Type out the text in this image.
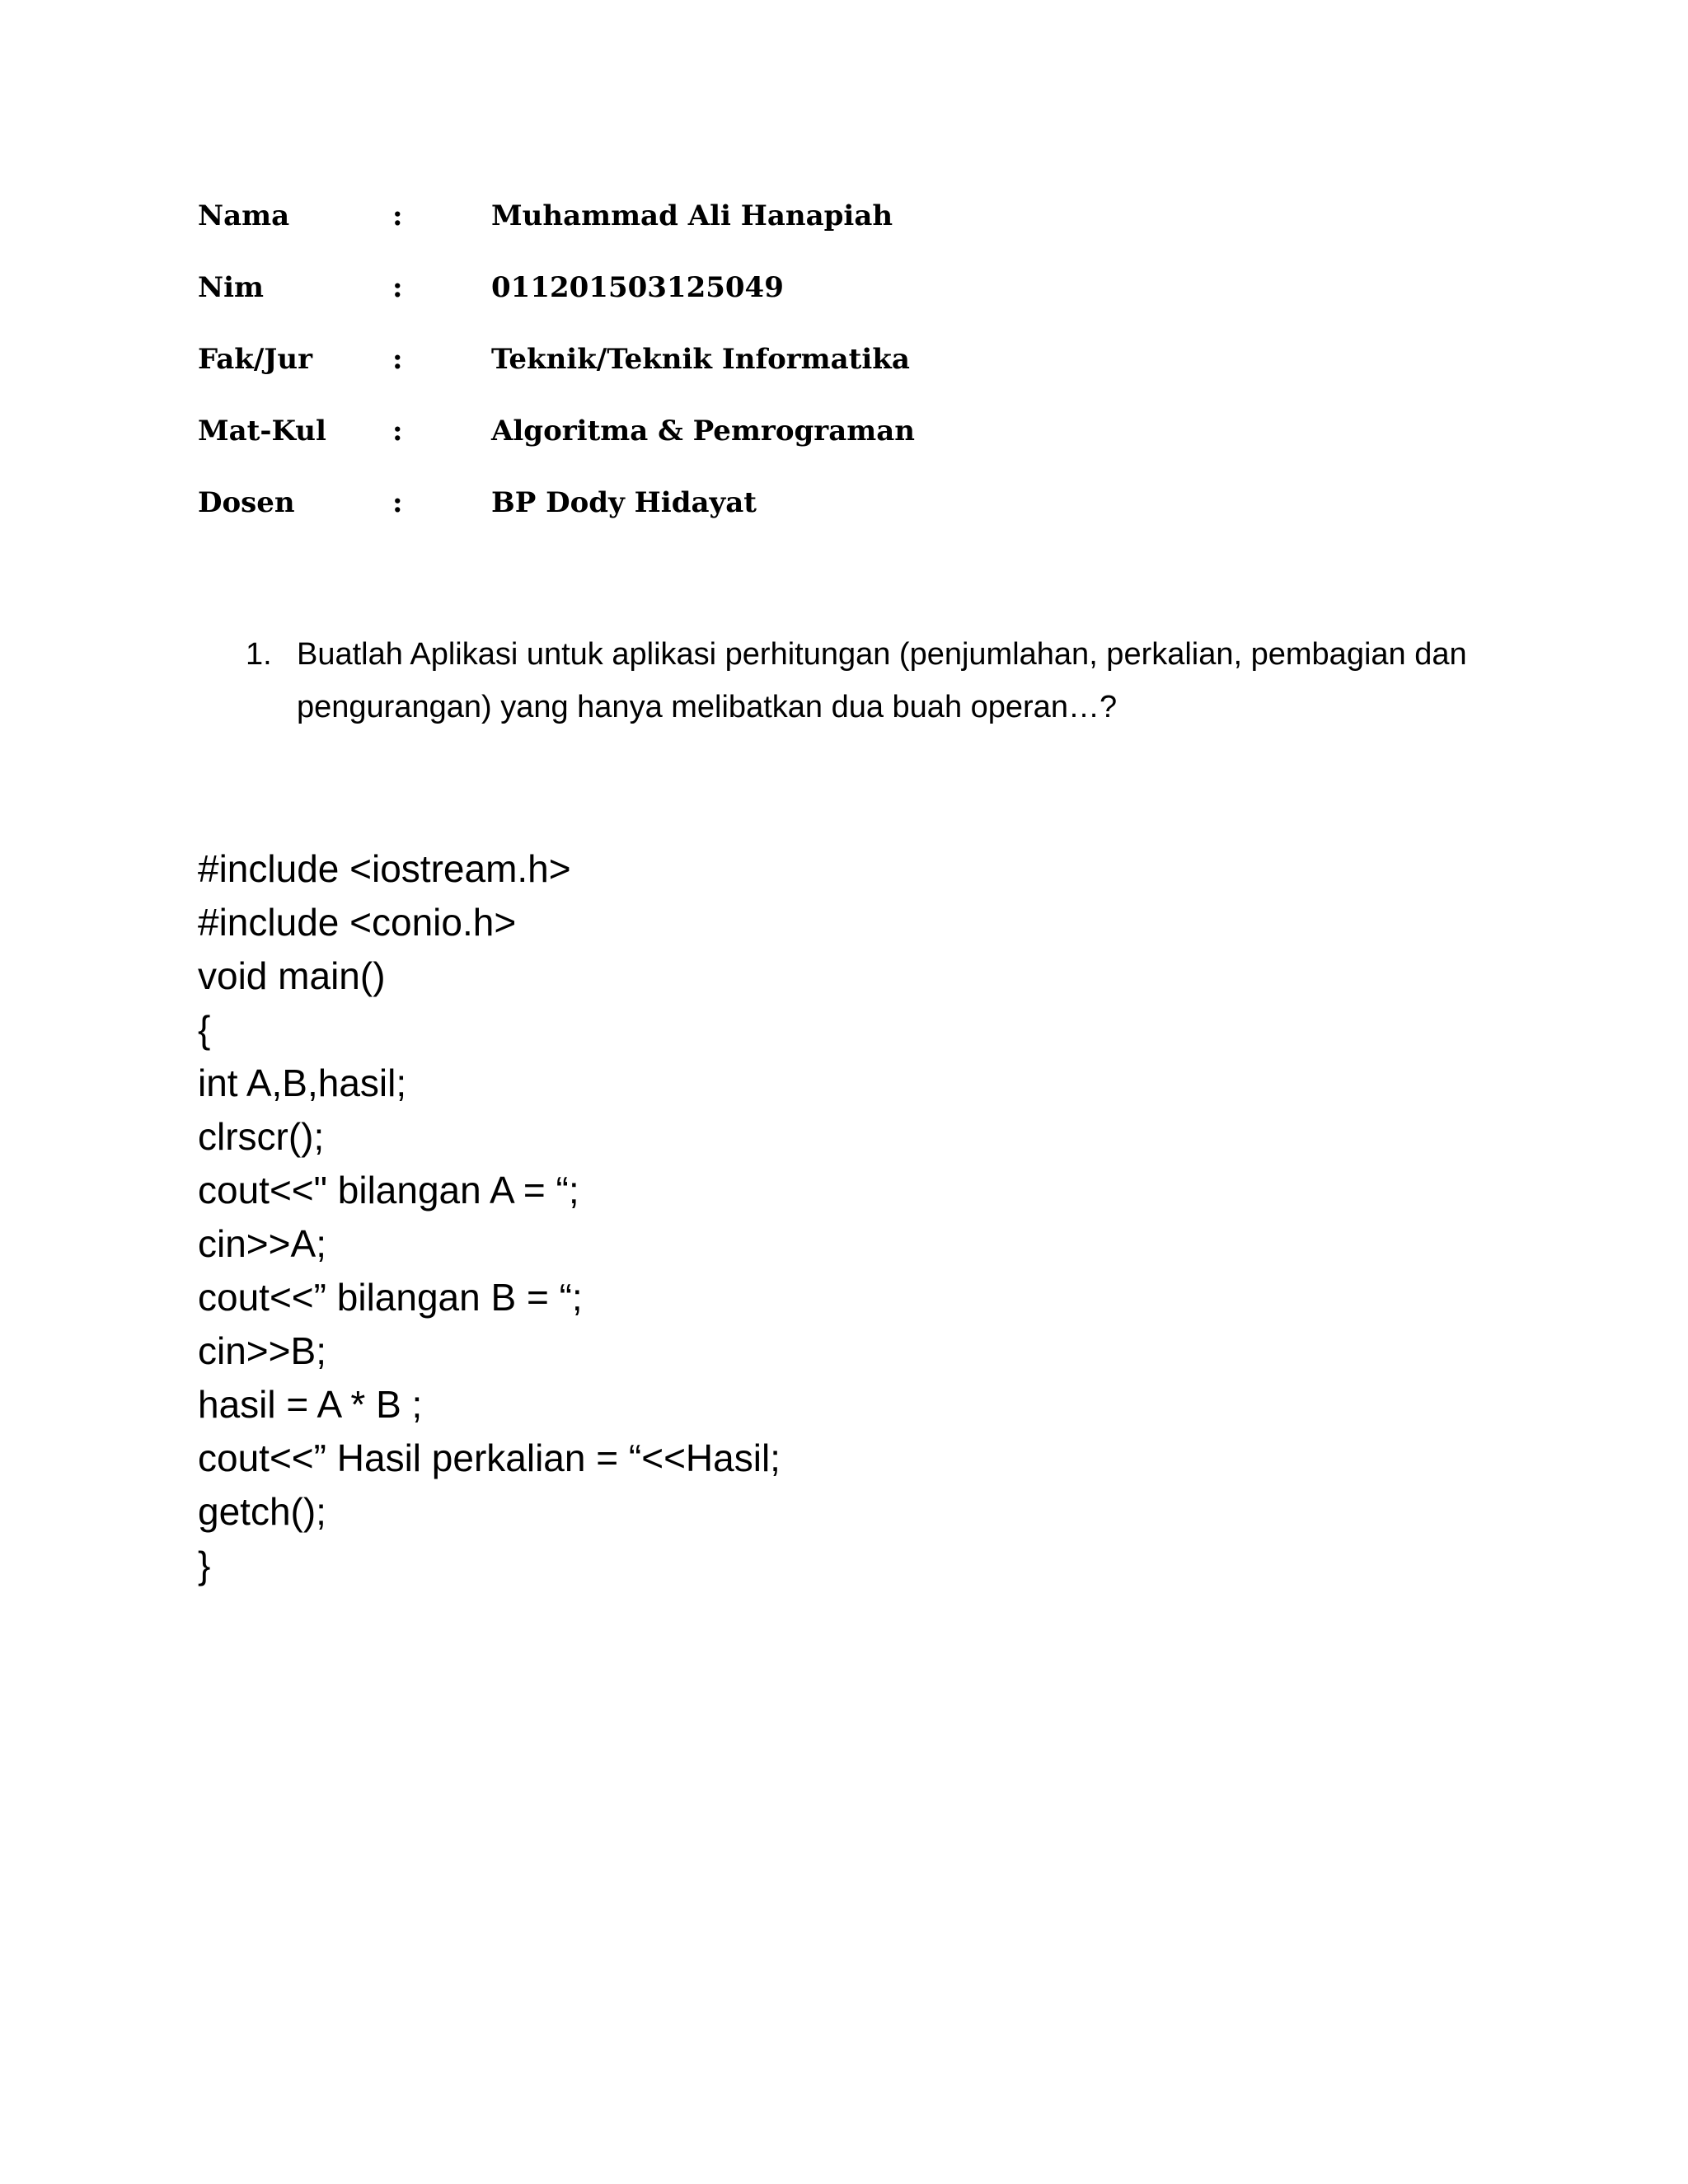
Nama	:	Muhammad Ali Hanapiah
Nim	:	011201503125049
Fak/Jur	:	Teknik/Teknik Informatika
Mat-Kul :	Algoritma & Pemrograman
Dosen	:	BP Dody Hidayat
1. Buatlah Aplikasi untuk aplikasi perhitungan (penjumlahan, perkalian, pembagian dan pengurangan) yang hanya melibatkan dua buah operan…?
#include <iostream.h>
#include <conio.h>
void main()
{
int A,B,hasil;
clrscr();
cout<<" bilangan A = “;
cin>>A;
cout<<” bilangan B = “;
cin>>B;
hasil = A * B ;
cout<<” Hasil perkalian = “<<Hasil;
getch();
}
